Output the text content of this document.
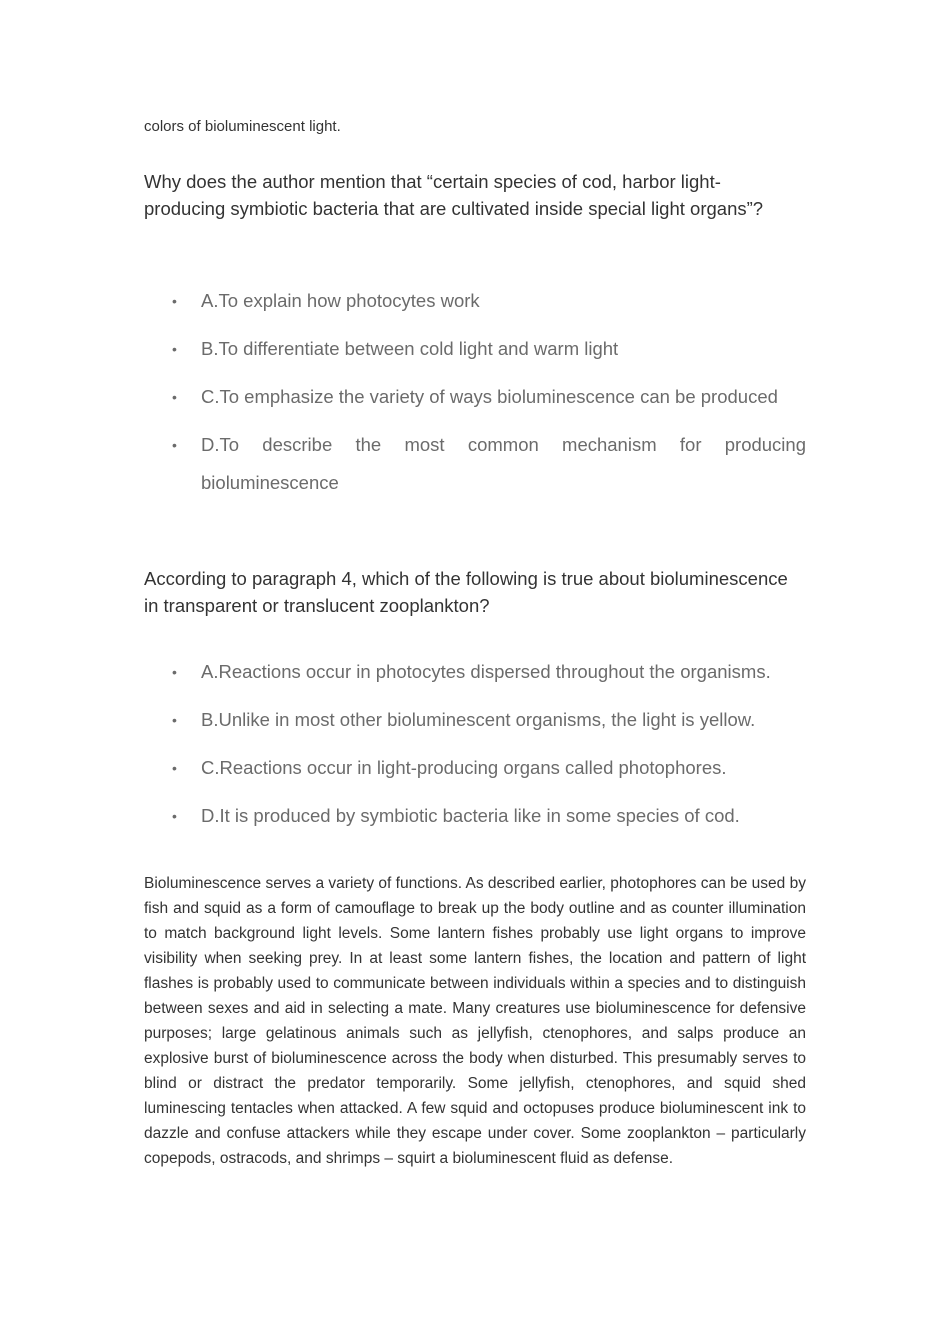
colors of bioluminescent light.

Why does the author mention that “certain species of cod, harbor light-producing symbiotic bacteria that are cultivated inside special light organs”?

• A.To explain how photocytes work
• B.To differentiate between cold light and warm light
• C.To emphasize the variety of ways bioluminescence can be produced
• D.To describe the most common mechanism for producing bioluminescence

According to paragraph 4, which of the following is true about bioluminescence in transparent or translucent zooplankton?

• A.Reactions occur in photocytes dispersed throughout the organisms.
• B.Unlike in most other bioluminescent organisms, the light is yellow.
• C.Reactions occur in light-producing organs called photophores.
• D.It is produced by symbiotic bacteria like in some species of cod.

Bioluminescence serves a variety of functions. As described earlier, photophores can be used by fish and squid as a form of camouflage to break up the body outline and as counter illumination to match background light levels. Some lantern fishes probably use light organs to improve visibility when seeking prey. In at least some lantern fishes, the location and pattern of light flashes is probably used to communicate between individuals within a species and to distinguish between sexes and aid in selecting a mate. Many creatures use bioluminescence for defensive purposes; large gelatinous animals such as jellyfish, ctenophores, and salps produce an explosive burst of bioluminescence across the body when disturbed. This presumably serves to blind or distract the predator temporarily. Some jellyfish, ctenophores, and squid shed luminescing tentacles when attacked. A few squid and octopuses produce bioluminescent ink to dazzle and confuse attackers while they escape under cover. Some zooplankton – particularly copepods, ostracods, and shrimps – squirt a bioluminescent fluid as defense.
